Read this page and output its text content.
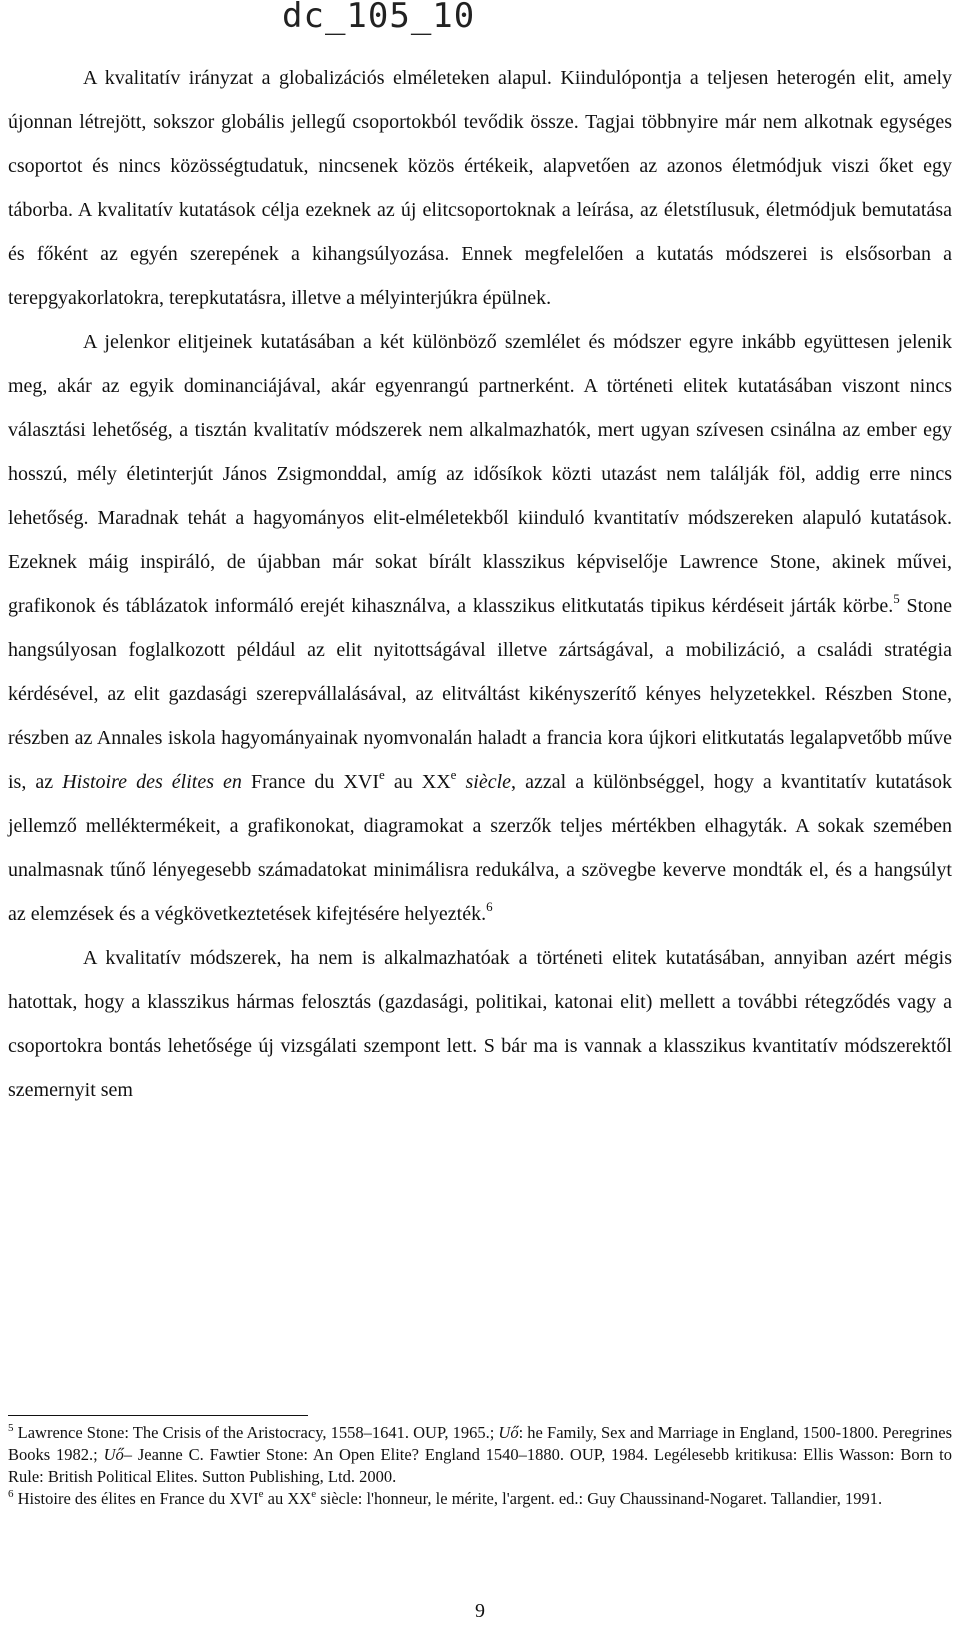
dc_105_10

A kvalitatív irányzat a globalizációs elméleteken alapul. Kiindulópontja a teljesen heterogén elit, amely újonnan létrejött, sokszor globális jellegű csoportokból tevődik össze. Tagjai többnyire már nem alkotnak egységes csoportot és nincs közösségtudatuk, nincsenek közös értékeik, alapvetően az azonos életmódjuk viszi őket egy táborba. A kvalitatív kutatások célja ezeknek az új elitcsoportoknak a leírása, az életstílusuk, életmódjuk bemutatása és főként az egyén szerepének a kihangsúlyozása. Ennek megfelelően a kutatás módszerei is elsősorban a terepgyakorlatokra, terepkutatásra, illetve a mélyinterjúkra épülnek.

A jelenkor elitjeinek kutatásában a két különböző szemlélet és módszer egyre inkább együttesen jelenik meg, akár az egyik dominanciájával, akár egyenrangú partnerként. A történeti elitek kutatásában viszont nincs választási lehetőség, a tisztán kvalitatív módszerek nem alkalmazhatók, mert ugyan szívesen csinálna az ember egy hosszú, mély életinterjút János Zsigmonddal, amíg az idősíkok közti utazást nem találják föl, addig erre nincs lehetőség. Maradnak tehát a hagyományos elit-elméletekből kiinduló kvantitatív módszereken alapuló kutatások. Ezeknek máig inspiráló, de újabban már sokat bírált klasszikus képviselője Lawrence Stone, akinek művei, grafikonok és táblázatok informáló erejét kihasználva, a klasszikus elitkutatás tipikus kérdéseit járták körbe.$^5$ Stone hangsúlyosan foglalkozott például az elit nyitottságával illetve zártságával, a mobilizáció, a családi stratégia kérdésével, az elit gazdasági szerepvállalásával, az elitváltást kikényszerítő kényes helyzetekkel. Részben Stone, részben az Annales iskola hagyományainak nyomvonalán haladt a francia kora újkori elitkutatás legalapvetőbb műve is, az Histoire des élites en France du XVIe au XXe siècle, azzal a különbséggel, hogy a kvantitatív kutatások jellemző melléktermékeit, a grafikonokat, diagramokat a szerzők teljes mértékben elhagyták. A sokak szemében unalmasnak tűnő lényegesebb számadatokat minimálisra redukálva, a szövegbe keverve mondták el, és a hangsúlyt az elemzések és a végkövetkeztetések kifejtésére helyezték.$^6$

A kvalitatív módszerek, ha nem is alkalmazhatóak a történeti elitek kutatásában, annyiban azért mégis hatottak, hogy a klasszikus hármas felosztás (gazdasági, politikai, katonai elit) mellett a további rétegződés vagy a csoportokra bontás lehetősége új vizsgálati szempont lett. S bár ma is vannak a klasszikus kvantitatív módszerektől szemernyit sem

$^5$ Lawrence Stone: The Crisis of the Aristocracy, 1558–1641. OUP, 1965.; Uő: he Family, Sex and Marriage in England, 1500-1800. Peregrines Books 1982.; Uő– Jeanne C. Fawtier Stone: An Open Elite? England 1540–1880. OUP, 1984. Legélesebb kritikusa: Ellis Wasson: Born to Rule: British Political Elites. Sutton Publishing, Ltd. 2000.

$^6$ Histoire des élites en France du XVIe au XXe siècle: l'honneur, le mérite, l'argent. ed.: Guy Chaussinand-Nogaret. Tallandier, 1991.

9
